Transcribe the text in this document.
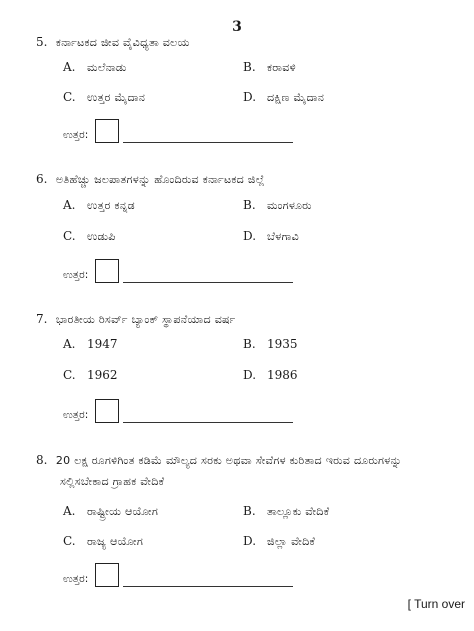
3
5. ಕರ್ನಾಟಕದ ಜೀವ ವೈವಿಧ್ಯತಾ ವಲಯ
A. ಮಲೆನಾಡು	B. ಕರಾವಳಿ
C. ಉತ್ತರ ಮೈದಾನ	D. ದಕ್ಷಿಣ ಮೈದಾನ
ಉತ್ತರ:
6. ಅತಿಹೆಚ್ಚು ಜಲಪಾತಗಳನ್ನು ಹೊಂದಿರುವ ಕರ್ನಾಟಕದ ಜಿಲ್ಲೆ
A. ಉತ್ತರ ಕನ್ನಡ	B. ಮಂಗಳೂರು
C. ಉಡುಪಿ	D. ಬೆಳಗಾವಿ
ಉತ್ತರ:
7. ಭಾರತೀಯ ರಿಸರ್ವ್ ಬ್ಯಾಂಕ್ ಸ್ಥಾಪನೆಯಾದ ವರ್ಷ
A. 1947	B. 1935
C. 1962	D. 1986
ಉತ್ತರ:
8. 20 ಲಕ್ಷ ರೂಗಳಿಗಿಂತ ಕಡಿಮೆ ಮೌಲ್ಯದ ಸರಕು ಅಥವಾ ಸೇವೆಗಳ ಕುರಿತಾದ ಇರುವ ದೂರುಗಳನ್ನು
ಸಲ್ಲಿಸಬೇಕಾದ ಗ್ರಾಹಕ ವೇದಿಕೆ
A. ರಾಷ್ಟ್ರೀಯ ಆಯೋಗ	B. ತಾಲ್ಲೂಕು ವೇದಿಕೆ
C. ರಾಜ್ಯ ಆಯೋಗ	D. ಜಿಲ್ಲಾ ವೇದಿಕೆ
ಉತ್ತರ:
[ Turn over
